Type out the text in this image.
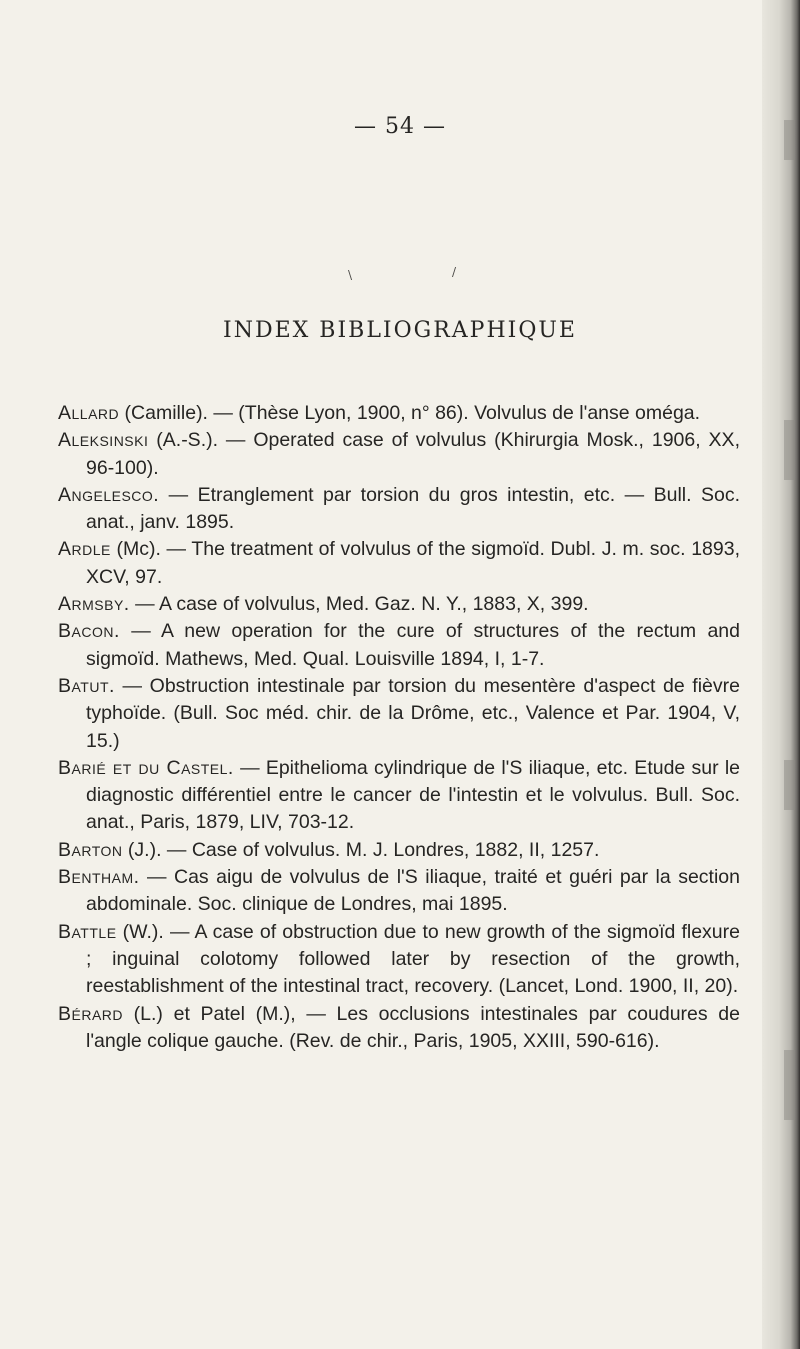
— 54 —
\	/
INDEX BIBLIOGRAPHIQUE
Allard (Camille). — (Thèse Lyon, 1900, n° 86). Volvulus de l'anse oméga.
Aleksinski (A.-S.). — Operated case of volvulus (Khirurgia Mosk., 1906, XX, 96-100).
Angelesco. — Etranglement par torsion du gros intestin, etc. — Bull. Soc. anat., janv. 1895.
Ardle (Mc). — The treatment of volvulus of the sigmoïd. Dubl. J. m. soc. 1893, XCV, 97.
Armsby. — A case of volvulus, Med. Gaz. N. Y., 1883, X, 399.
Bacon. — A new operation for the cure of structures of the rectum and sigmoïd. Mathews, Med. Qual. Louisville 1894, I, 1-7.
Batut. — Obstruction intestinale par torsion du mesentère d'aspect de fièvre typhoïde. (Bull. Soc méd. chir. de la Drôme, etc., Valence et Par. 1904, V, 15.)
Barié et du Castel. — Epithelioma cylindrique de l'S iliaque, etc. Etude sur le diagnostic différentiel entre le cancer de l'intestin et le volvulus. Bull. Soc. anat., Paris, 1879, LIV, 703-12.
Barton (J.). — Case of volvulus. M. J. Londres, 1882, II, 1257.
Bentham. — Cas aigu de volvulus de l'S iliaque, traité et guéri par la section abdominale. Soc. clinique de Londres, mai 1895.
Battle (W.). — A case of obstruction due to new growth of the sigmoïd flexure ; inguinal colotomy followed later by resection of the growth, reestablishment of the intestinal tract, recovery. (Lancet, Lond. 1900, II, 20).
Bérard (L.) et Patel (M.), — Les occlusions intestinales par coudures de l'angle colique gauche. (Rev. de chir., Paris, 1905, XXIII, 590-616).
